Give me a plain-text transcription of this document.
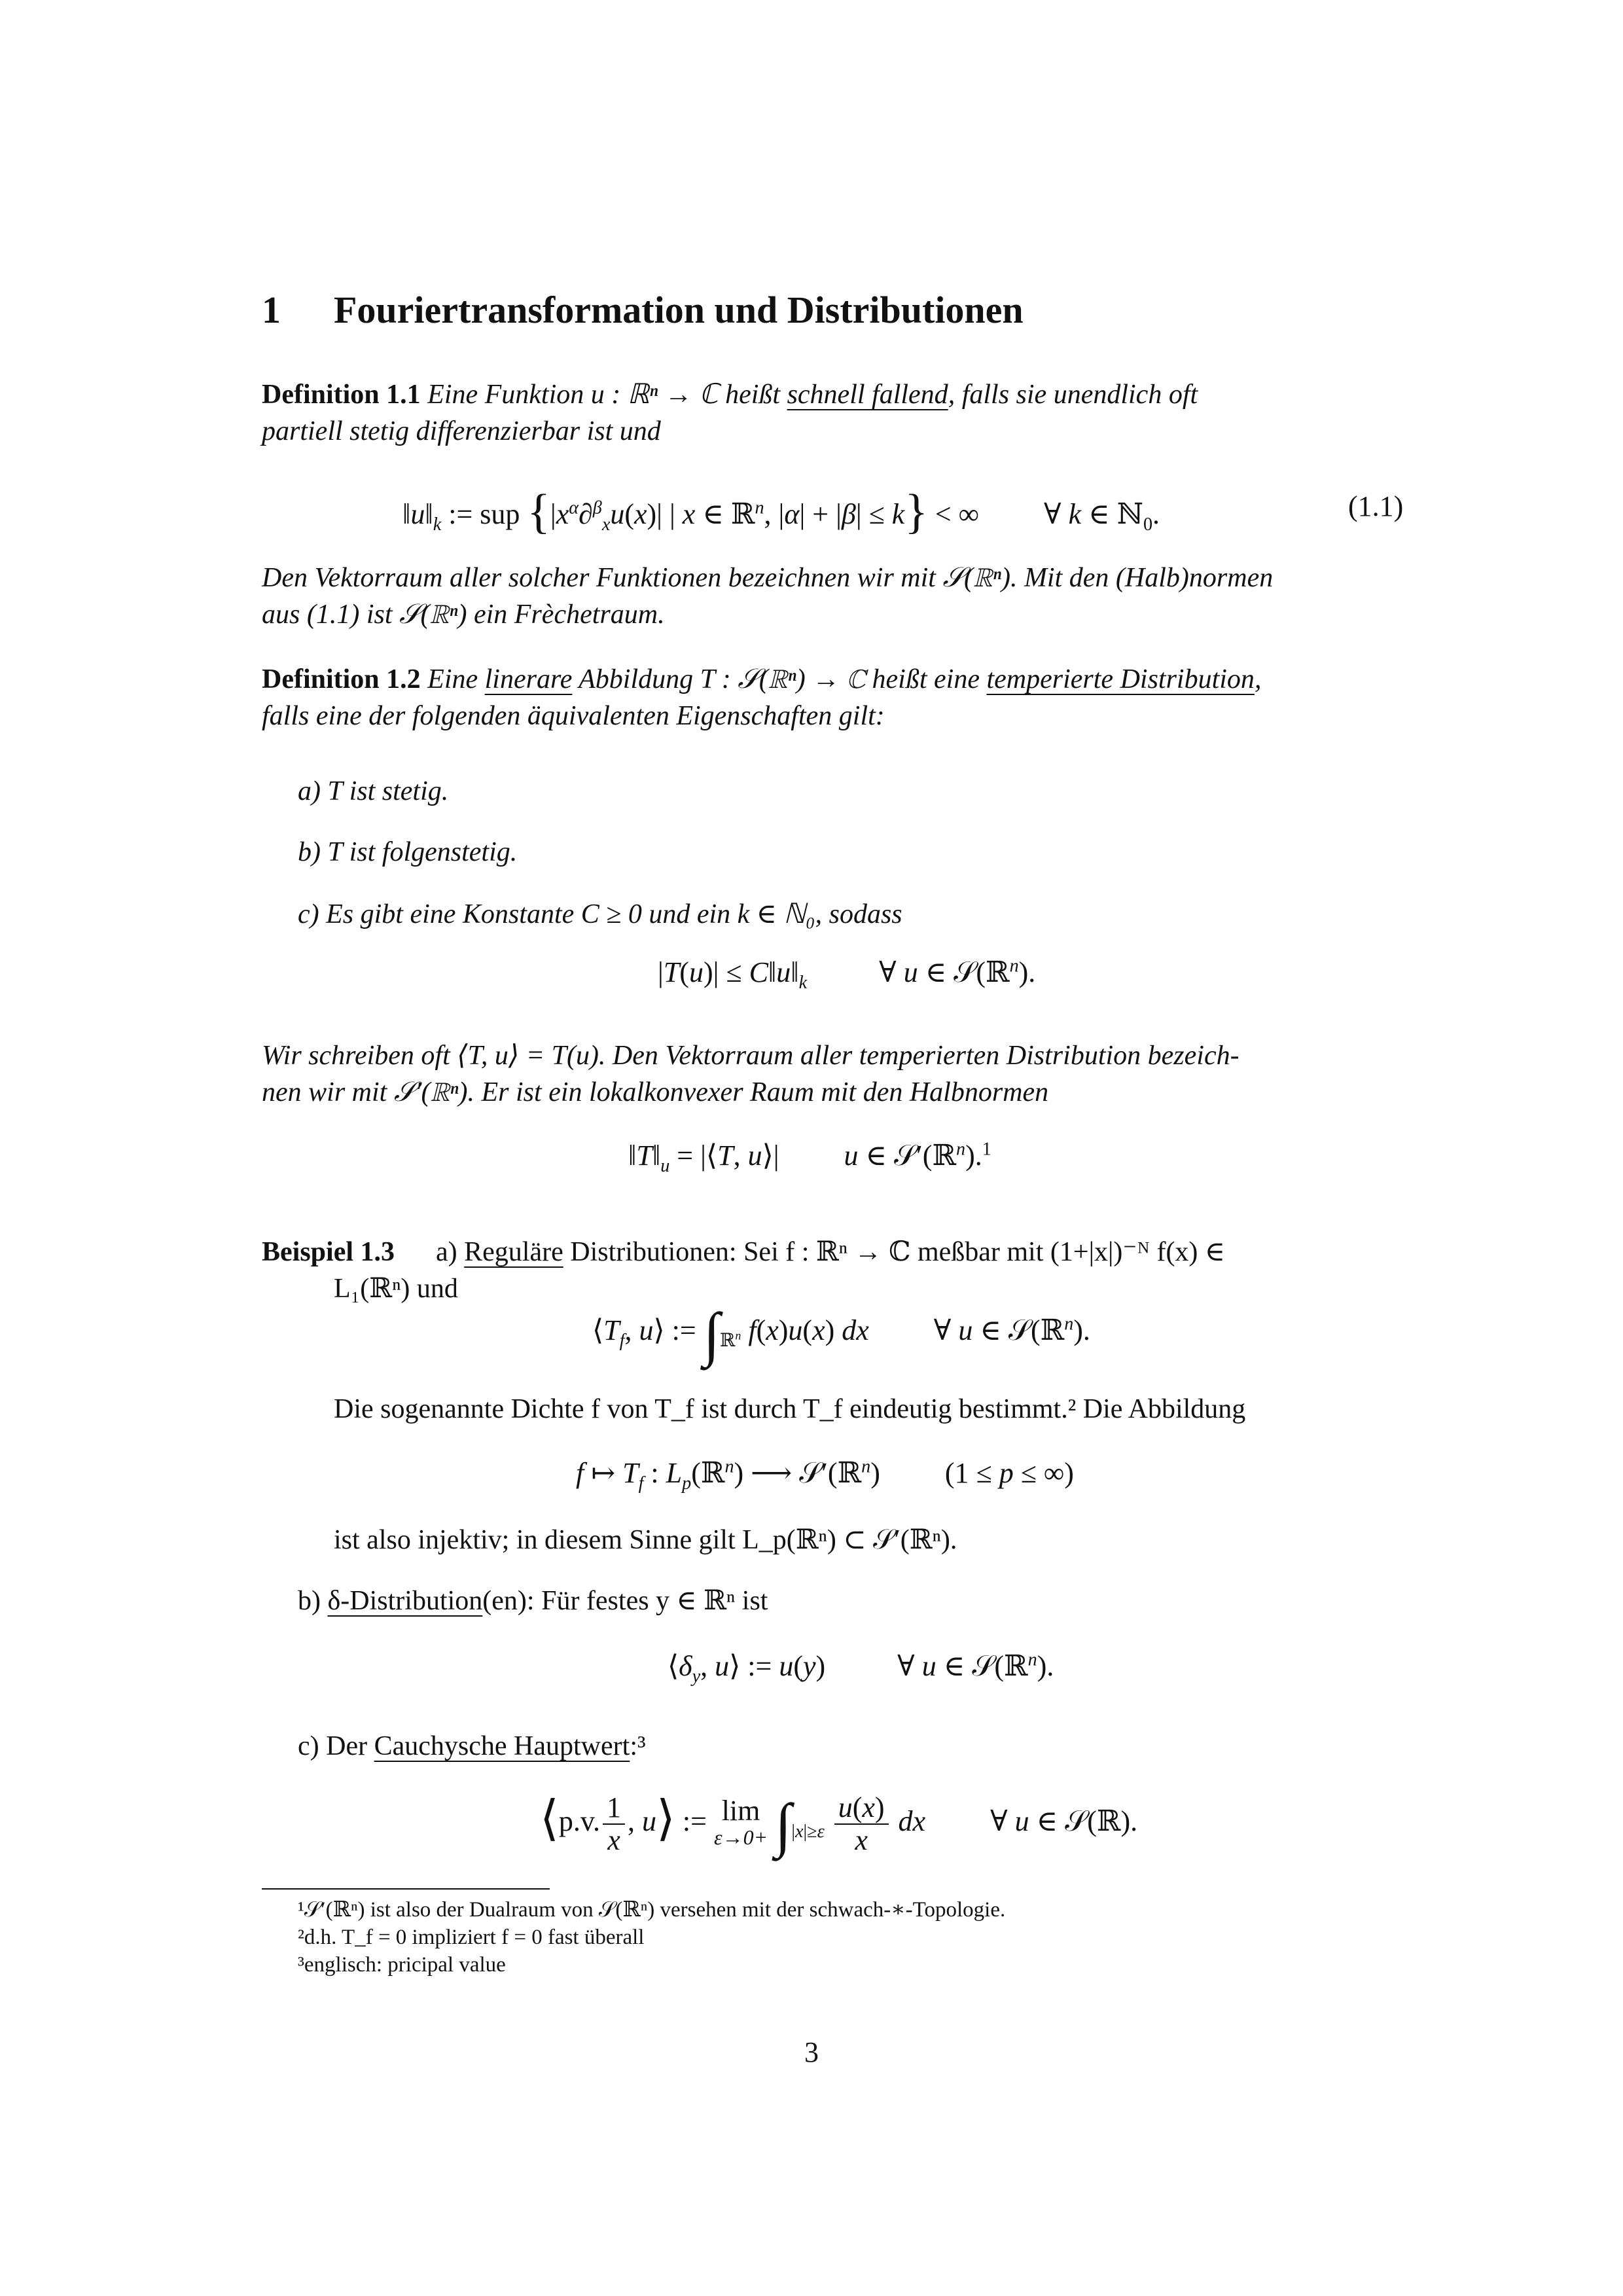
1 Fouriertransformation und Distributionen
Definition 1.1 Eine Funktion u : ℝⁿ → ℂ heißt schnell fallend, falls sie unendlich oft
partiell stetig differenzierbar ist und
$‖u‖_k$ := sup {$|x^\alpha\partial^\beta_xu(x)|$ | x ∈ ℝ$^n$, |α| + |β| ≤ k} < ∞         ∀ k ∈ ℕ$_0$.	(1.1)
Den Vektorraum aller solcher Funktionen bezeichnen wir mit 𝒮(ℝⁿ). Mit den (Halb)normen
aus (1.1) ist 𝒮(ℝⁿ) ein Frèchetraum.
Definition 1.2 Eine linerare Abbildung T : 𝒮(ℝⁿ) → ℂ heißt eine temperierte Distribution,
falls eine der folgenden äquivalenten Eigenschaften gilt:
a) T ist stetig.
b) T ist folgenstetig.
c) Es gibt eine Konstante C ≥ 0 und ein k ∈ ℕ₀, sodass
$|T(u)| \le C‖u‖_k$          ∀ u ∈ 𝒮(ℝ$^n$).
Wir schreiben oft ⟨T, u⟩ = T(u). Den Vektorraum aller temperierten Distribution bezeich-
nen wir mit 𝒮′(ℝⁿ). Er ist ein lokalkonvexer Raum mit den Halbnormen
$‖T‖_u$ = |⟨T, u⟩|         u ∈ 𝒮′(ℝ$^n$).$^1$
Beispiel 1.3 a) Reguläre Distributionen: Sei f : ℝⁿ → ℂ meßbar mit (1+|x|)⁻ᴺ f(x) ∈
L₁(ℝⁿ) und
$⟨T_f$, u⟩ := $\int_{ℝ^n}$ f(x)u(x) dx         ∀ u ∈ 𝒮(ℝ$^n$).
Die sogenannte Dichte f von T_f ist durch T_f eindeutig bestimmt.² Die Abbildung
f ↦ $T_f$ : $L_p(ℝ^n)$ ⟶ 𝒮′(ℝ$^n$)         (1 ≤ p ≤ ∞)
ist also injektiv; in diesem Sinne gilt L_p(ℝⁿ) ⊂ 𝒮′(ℝⁿ).
b) δ-Distribution(en): Für festes y ∈ ℝⁿ ist
$⟨\delta_y$, u⟩ := u(y)          ∀ u ∈ 𝒮(ℝ$^n$).
c) Der Cauchysche Hauptwert:³
⟨p.v. $\frac{1}{x}$ , u⟩ := lim
$\varepsilon\to 0+ \int_{|x|\ge\varepsilon} \frac{u(x)}{x}$ dx         ∀ u ∈ 𝒮(ℝ).
¹𝒮′(ℝⁿ) ist also der Dualraum von 𝒮(ℝⁿ) versehen mit der schwach-∗-Topologie.
²d.h. T_f = 0 impliziert f = 0 fast überall
³englisch: pricipal value
3
